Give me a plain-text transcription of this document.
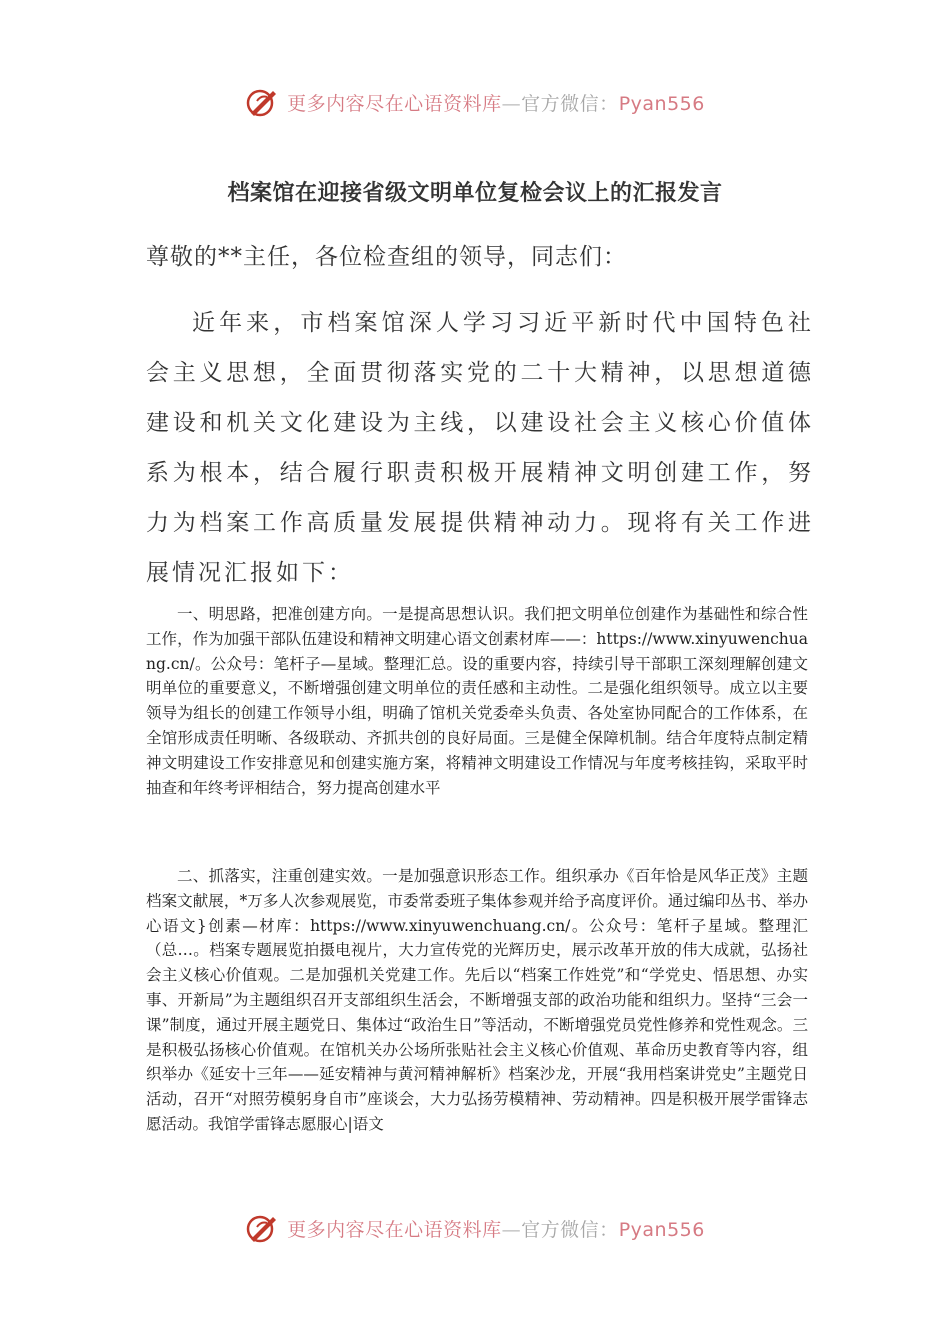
更多内容尽在心语资料库—官方微信：Pyan556
档案馆在迎接省级文明单位复检会议上的汇报发言
尊敬的**主任，各位检查组的领导，同志们：

近年来，市档案馆深人学习习近平新时代中国特色社会主义思想，全面贯彻落实党的二十大精神，以思想道德建设和机关文化建设为主线，以建设社会主义核心价值体系为根本，结合履行职责积极开展精神文明创建工作，努力为档案工作高质量发展提供精神动力。现将有关工作进展情况汇报如下：

一、明思路，把准创建方向。一是提高思想认识。我们把文明单位创建作为基础性和综合性工作，作为加强干部队伍建设和精神文明建心语文创素材库——：https://www.xinyuwenchuang.cn/。公众号：笔杆子—星域。整理汇总。设的重要内容，持续引导干部职工深刻理解创建文明单位的重要意义，不断增强创建文明单位的责任感和主动性。二是强化组织领导。成立以主要领导为组长的创建工作领导小组，明确了馆机关党委牵头负责、各处室协同配合的工作体系，在全馆形成责任明晰、各级联动、齐抓共创的良好局面。三是健全保障机制。结合年度特点制定精神文明建设工作安排意见和创建实施方案，将精神文明建设工作情况与年度考核挂钩，采取平时抽查和年终考评相结合，努力提高创建水平

二、抓落实，注重创建实效。一是加强意识形态工作。组织承办《百年恰是风华正茂》主题档案文献展，*万多人次参观展览，市委常委班子集体参观并给予高度评价。通过编印丛书、举办心语文}创素—材库：https://www.xinyuwenchuang.cn/。公众号：笔杆子星域。整理汇（总…。档案专题展览拍摄电视片，大力宣传党的光辉历史，展示改革开放的伟大成就，弘扬社会主义核心价值观。二是加强机关党建工作。先后以“档案工作姓党”和“学党史、悟思想、办实事、开新局”为主题组织召开支部组织生活会，不断增强支部的政治功能和组织力。坚持“三会一课”制度，通过开展主题党日、集体过“政治生日”等活动，不断增强党员党性修养和党性观念。三是积极弘扬核心价值观。在馆机关办公场所张贴社会主义核心价值观、革命历史教育等内容，组织举办《延安十三年——延安精神与黄河精神解析》档案沙龙，开展“我用档案讲党史”主题党日活动，召开“对照劳模躬身自市”座谈会，大力弘扬劳模精神、劳动精神。四是积极开展学雷锋志愿活动。我馆学雷锋志愿服心|语文

更多内容尽在心语资料库—官方微信：Pyan556
